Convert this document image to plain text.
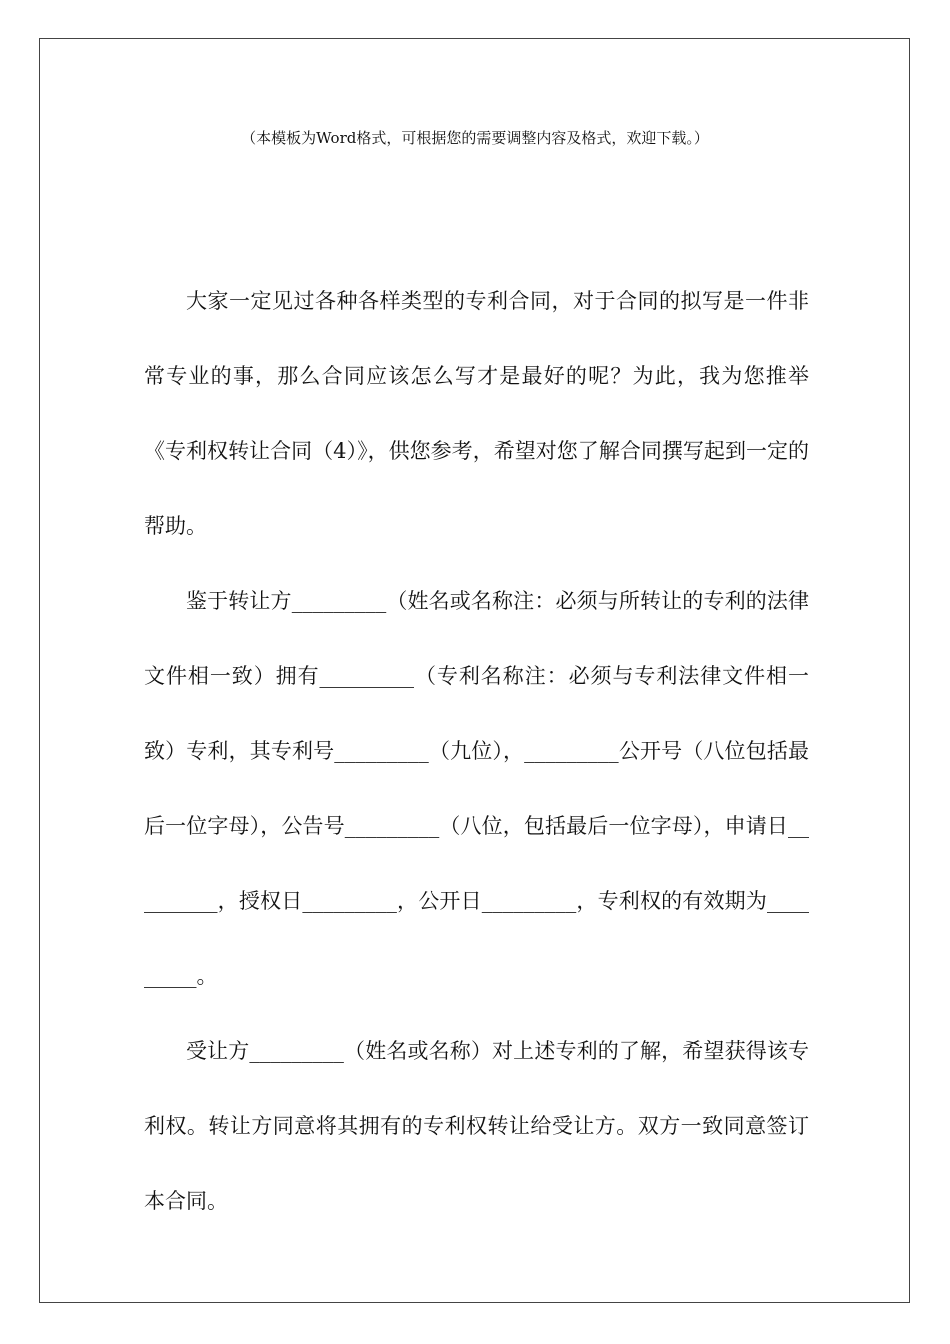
（本模板为Word格式，可根据您的需要调整内容及格式，欢迎下载。）

大家一定见过各种各样类型的专利合同，对于合同的拟写是一件非常专业的事，那么合同应该怎么写才是最好的呢？为此，我为您推举《专利权转让合同（4）》，供您参考，希望对您了解合同撰写起到一定的帮助。

鉴于转让方_________（姓名或名称注：必须与所转让的专利的法律文件相一致）拥有_________（专利名称注：必须与专利法律文件相一致）专利，其专利号_________（九位），_________公开号（八位包括最后一位字母），公告号_________（八位，包括最后一位字母），申请日_________，授权日_________，公开日_________，专利权的有效期为_________。

受让方_________（姓名或名称）对上述专利的了解，希望获得该专利权。转让方同意将其拥有的专利权转让给受让方。双方一致同意签订本合同。
